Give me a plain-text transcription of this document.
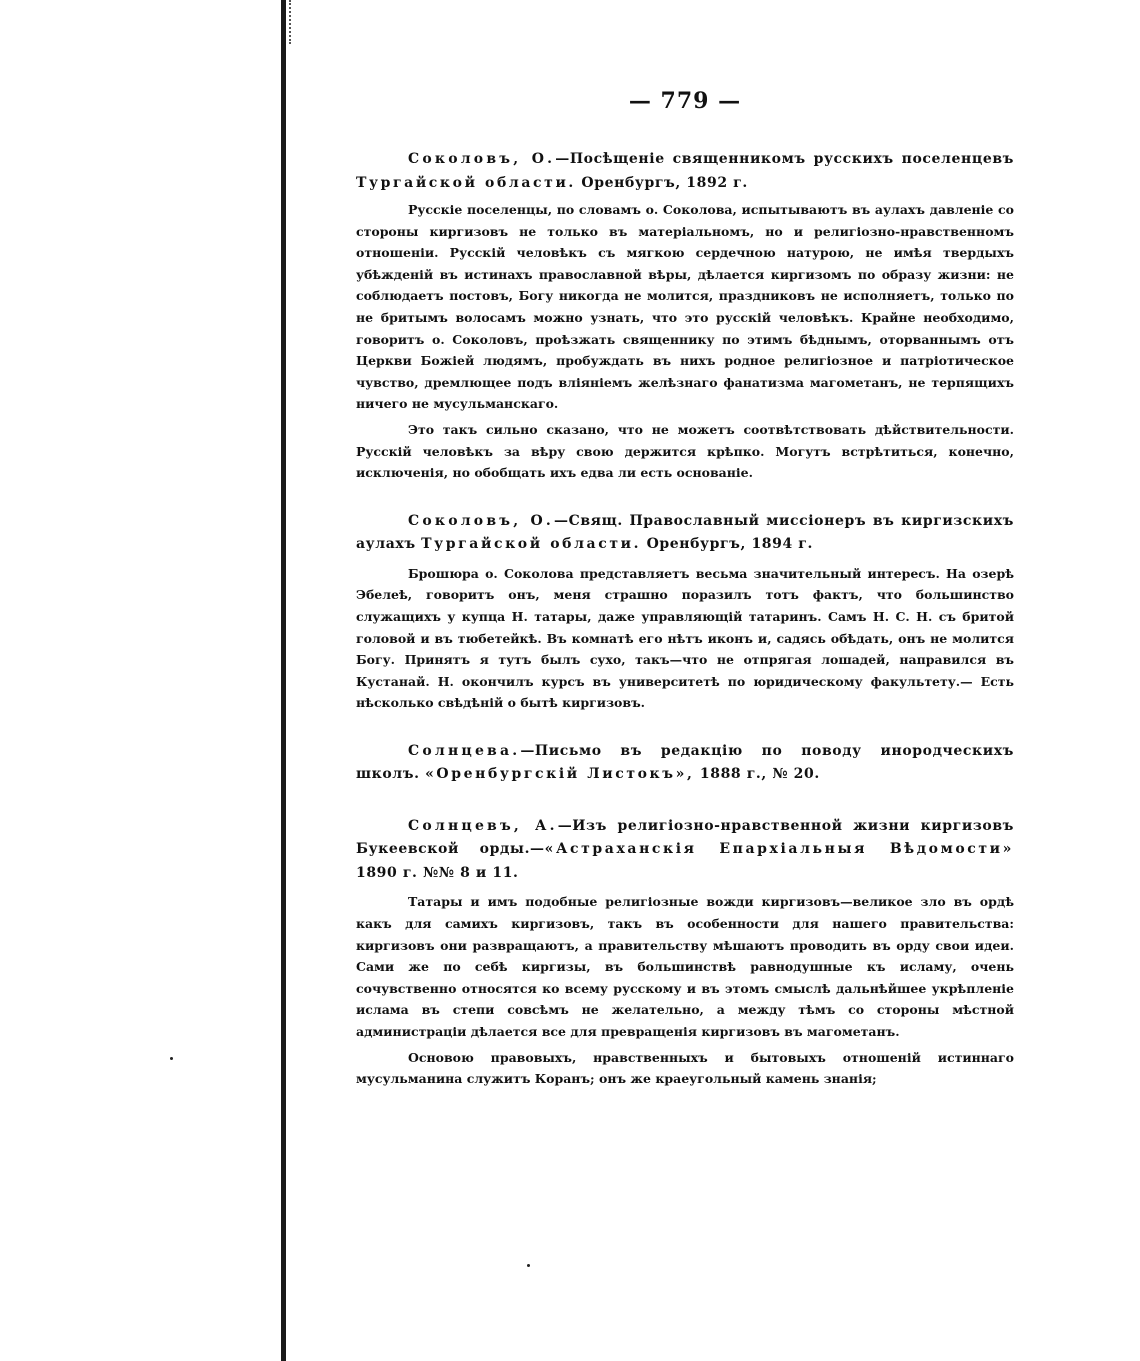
— 779 —

Соколовъ, О.—Посѣщеніе священникомъ русскихъ поселенцевъ Тургайской области. Оренбургъ, 1892 г.

Русскіе поселенцы, по словамъ о. Соколова, испытываютъ въ аулахъ давленіе со стороны киргизовъ не только въ матеріальномъ, но и религіозно-нравственномъ отношеніи. Русскій человѣкъ съ мягкою сердечною натурою, не имѣя твердыхъ убѣжденій въ истинахъ православной вѣры, дѣлается киргизомъ по образу жизни: не соблюдаетъ постовъ, Богу никогда не молится, праздниковъ не исполняетъ, только по не бритымъ волосамъ можно узнать, что это русскій человѣкъ. Крайне необходимо, говоритъ о. Соколовъ, проѣзжать священнику по этимъ бѣднымъ, оторваннымъ отъ Церкви Божіей людямъ, пробуждать въ нихъ родное религіозное и патріотическое чувство, дремлющее подъ вліяніемъ желѣзнаго фанатизма магометанъ, не терпящихъ ничего не мусульманскаго.

Это такъ сильно сказано, что не можетъ соотвѣтствовать дѣйствительности. Русскій человѣкъ за вѣру свою держится крѣпко. Могутъ встрѣтиться, конечно, исключенія, но обобщать ихъ едва ли есть основаніе.

Соколовъ, О.—Свящ. Православный миссіонеръ въ киргизскихъ аулахъ Тургайской области. Оренбургъ, 1894 г.

Брошюра о. Соколова представляетъ весьма значительный интересъ. На озерѣ Эбелеѣ, говоритъ онъ, меня страшно поразилъ тотъ фактъ, что большинство служащихъ у купца Н. татары, даже управляющій татаринъ. Самъ Н. С. Н. съ бритой головой и въ тюбетейкѣ. Въ комнатѣ его нѣтъ иконъ и, садясь обѣдать, онъ не молится Богу. Принятъ я тутъ былъ сухо, такъ—что не отпрягая лошадей, направился въ Кустанай. Н. окончилъ курсъ въ университетѣ по юридическому факультету.— Есть нѣсколько свѣдѣній о бытѣ киргизовъ.

Солнцева.—Письмо въ редакцію по поводу инородческихъ школъ. «Оренбургскій Листокъ», 1888 г., № 20.

Солнцевъ, А.—Изъ религіозно-нравственной жизни киргизовъ Букеевской орды.—«Астраханскія Епархіальныя Вѣдомости» 1890 г. №№ 8 и 11.

Татары и имъ подобные религіозные вожди киргизовъ—великое зло въ ордѣ какъ для самихъ киргизовъ, такъ въ особенности для нашего правительства: киргизовъ они развращаютъ, а правительству мѣшаютъ проводить въ орду свои идеи. Сами же по себѣ киргизы, въ большинствѣ равнодушные къ исламу, очень сочувственно относятся ко всему русскому и въ этомъ смыслѣ дальнѣйшее укрѣпленіе ислама въ степи совсѣмъ не желательно, а между тѣмъ со стороны мѣстной администраціи дѣлается все для превращенія киргизовъ въ магометанъ.

Основою правовыхъ, нравственныхъ и бытовыхъ отношеній истиннаго мусульманина служитъ Коранъ; онъ же краеугольный камень знанія;
